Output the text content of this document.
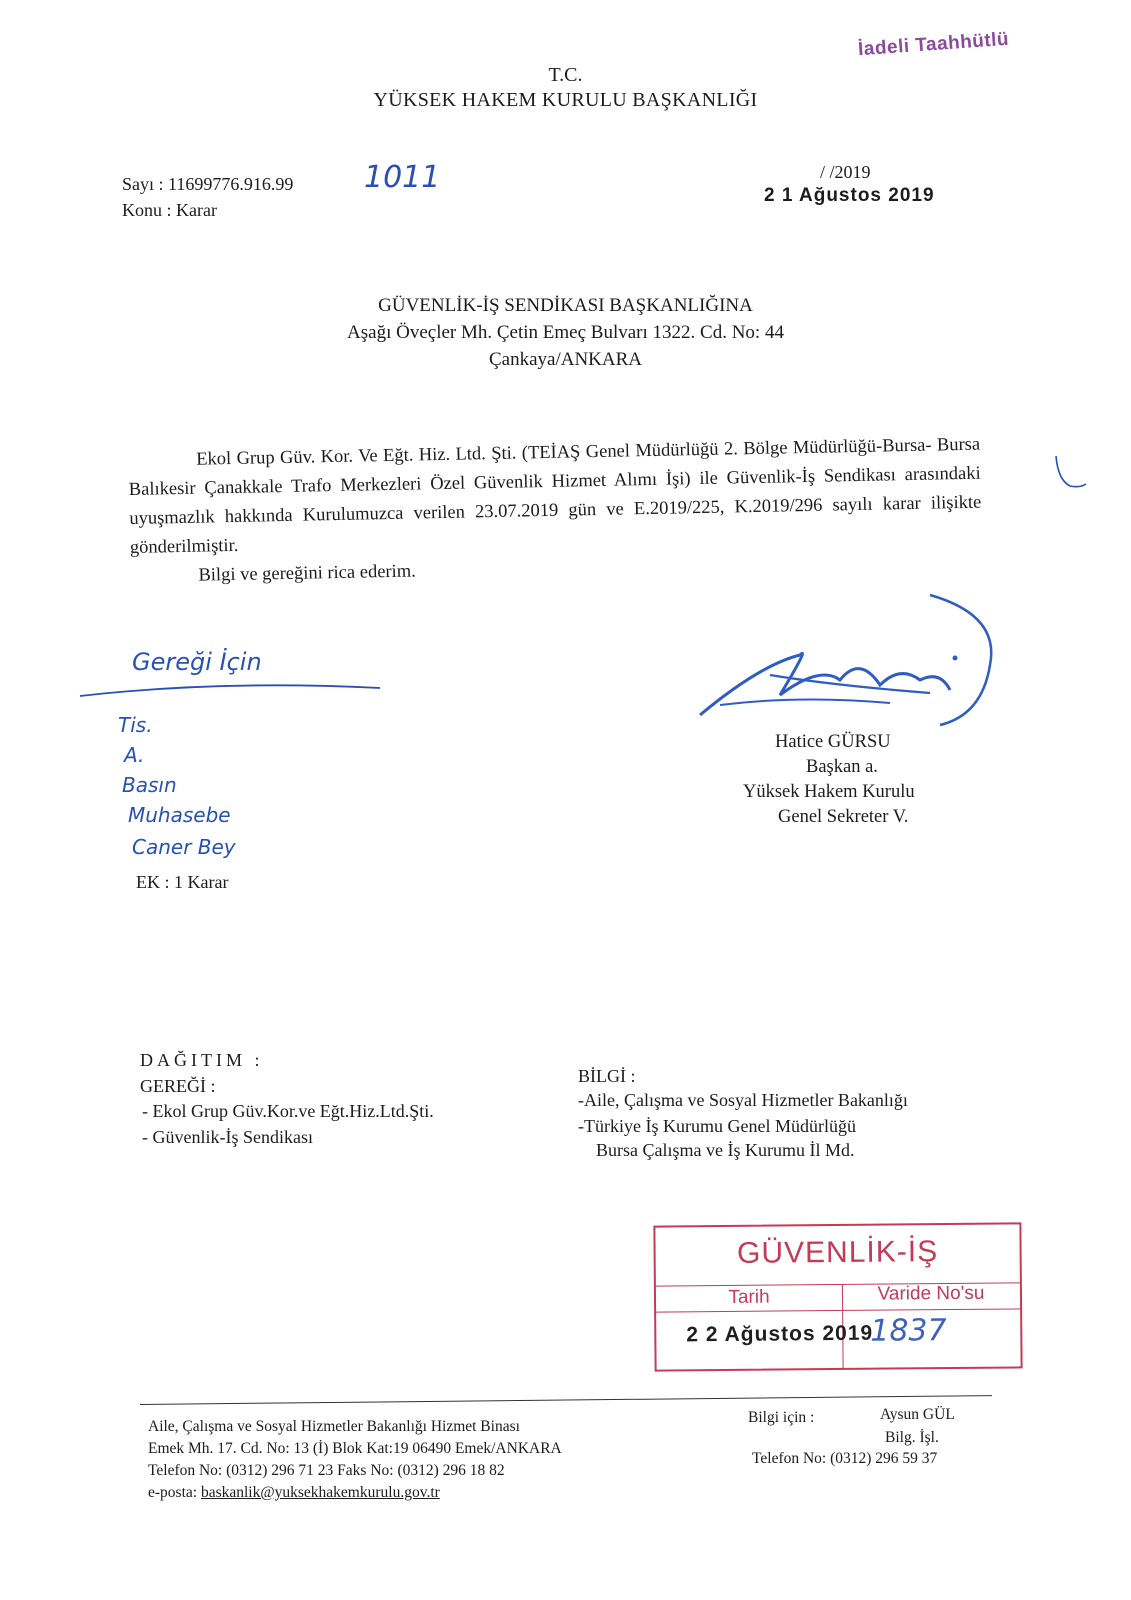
İadeli Taahhütlü
T.C.
YÜKSEK HAKEM KURULU BAŞKANLIĞI
Sayı : 11699776.916.99 1011
Konu : Karar
/ /2019
2 1 Ağustos 2019
GÜVENLİK-İŞ SENDİKASI BAŞKANLIĞINA
Aşağı Öveçler Mh. Çetin Emeç Bulvarı 1322. Cd. No: 44
Çankaya/ANKARA

Ekol Grup Güv. Kor. Ve Eğt. Hiz. Ltd. Şti. (TEİAŞ Genel Müdürlüğü 2. Bölge Müdürlüğü-Bursa- Bursa Balıkesir Çanakkale Trafo Merkezleri Özel Güvenlik Hizmet Alımı İşi) ile Güvenlik-İş Sendikası arasındaki uyuşmazlık hakkında Kurulumuzca verilen 23.07.2019 gün ve E.2019/225, K.2019/296 sayılı karar ilişikte gönderilmiştir.

Bilgi ve gereğini rica ederim.

Gereği İçin
Tis.
A.
Basın
Muhasebe
Caner Bey
Hatice GÜRSU
Başkan a.
Yüksek Hakem Kurulu
Genel Sekreter V.
EK : 1 Karar
DAĞITIM :
GEREĞİ :
- Ekol Grup Güv.Kor.ve Eğt.Hiz.Ltd.Şti.
- Güvenlik-İş Sendikası
BİLGİ :
-Aile, Çalışma ve Sosyal Hizmetler Bakanlığı
-Türkiye İş Kurumu Genel Müdürlüğü
Bursa Çalışma ve İş Kurumu İl Md.
GÜVENLİK-İŞ
Tarih	Varide No'su
2 2 Ağustos 2019
1837
Aile, Çalışma ve Sosyal Hizmetler Bakanlığı Hizmet Binası
Emek Mh. 17. Cd. No: 13 (İ) Blok Kat:19 06490 Emek/ANKARA
Telefon No: (0312) 296 71 23 Faks No: (0312) 296 18 82
e-posta: baskanlik@yuksekhakemkurulu.gov.tr
Bilgi için :	Aysun GÜL
Bilg. İşl.
Telefon No: (0312) 296 59 37
